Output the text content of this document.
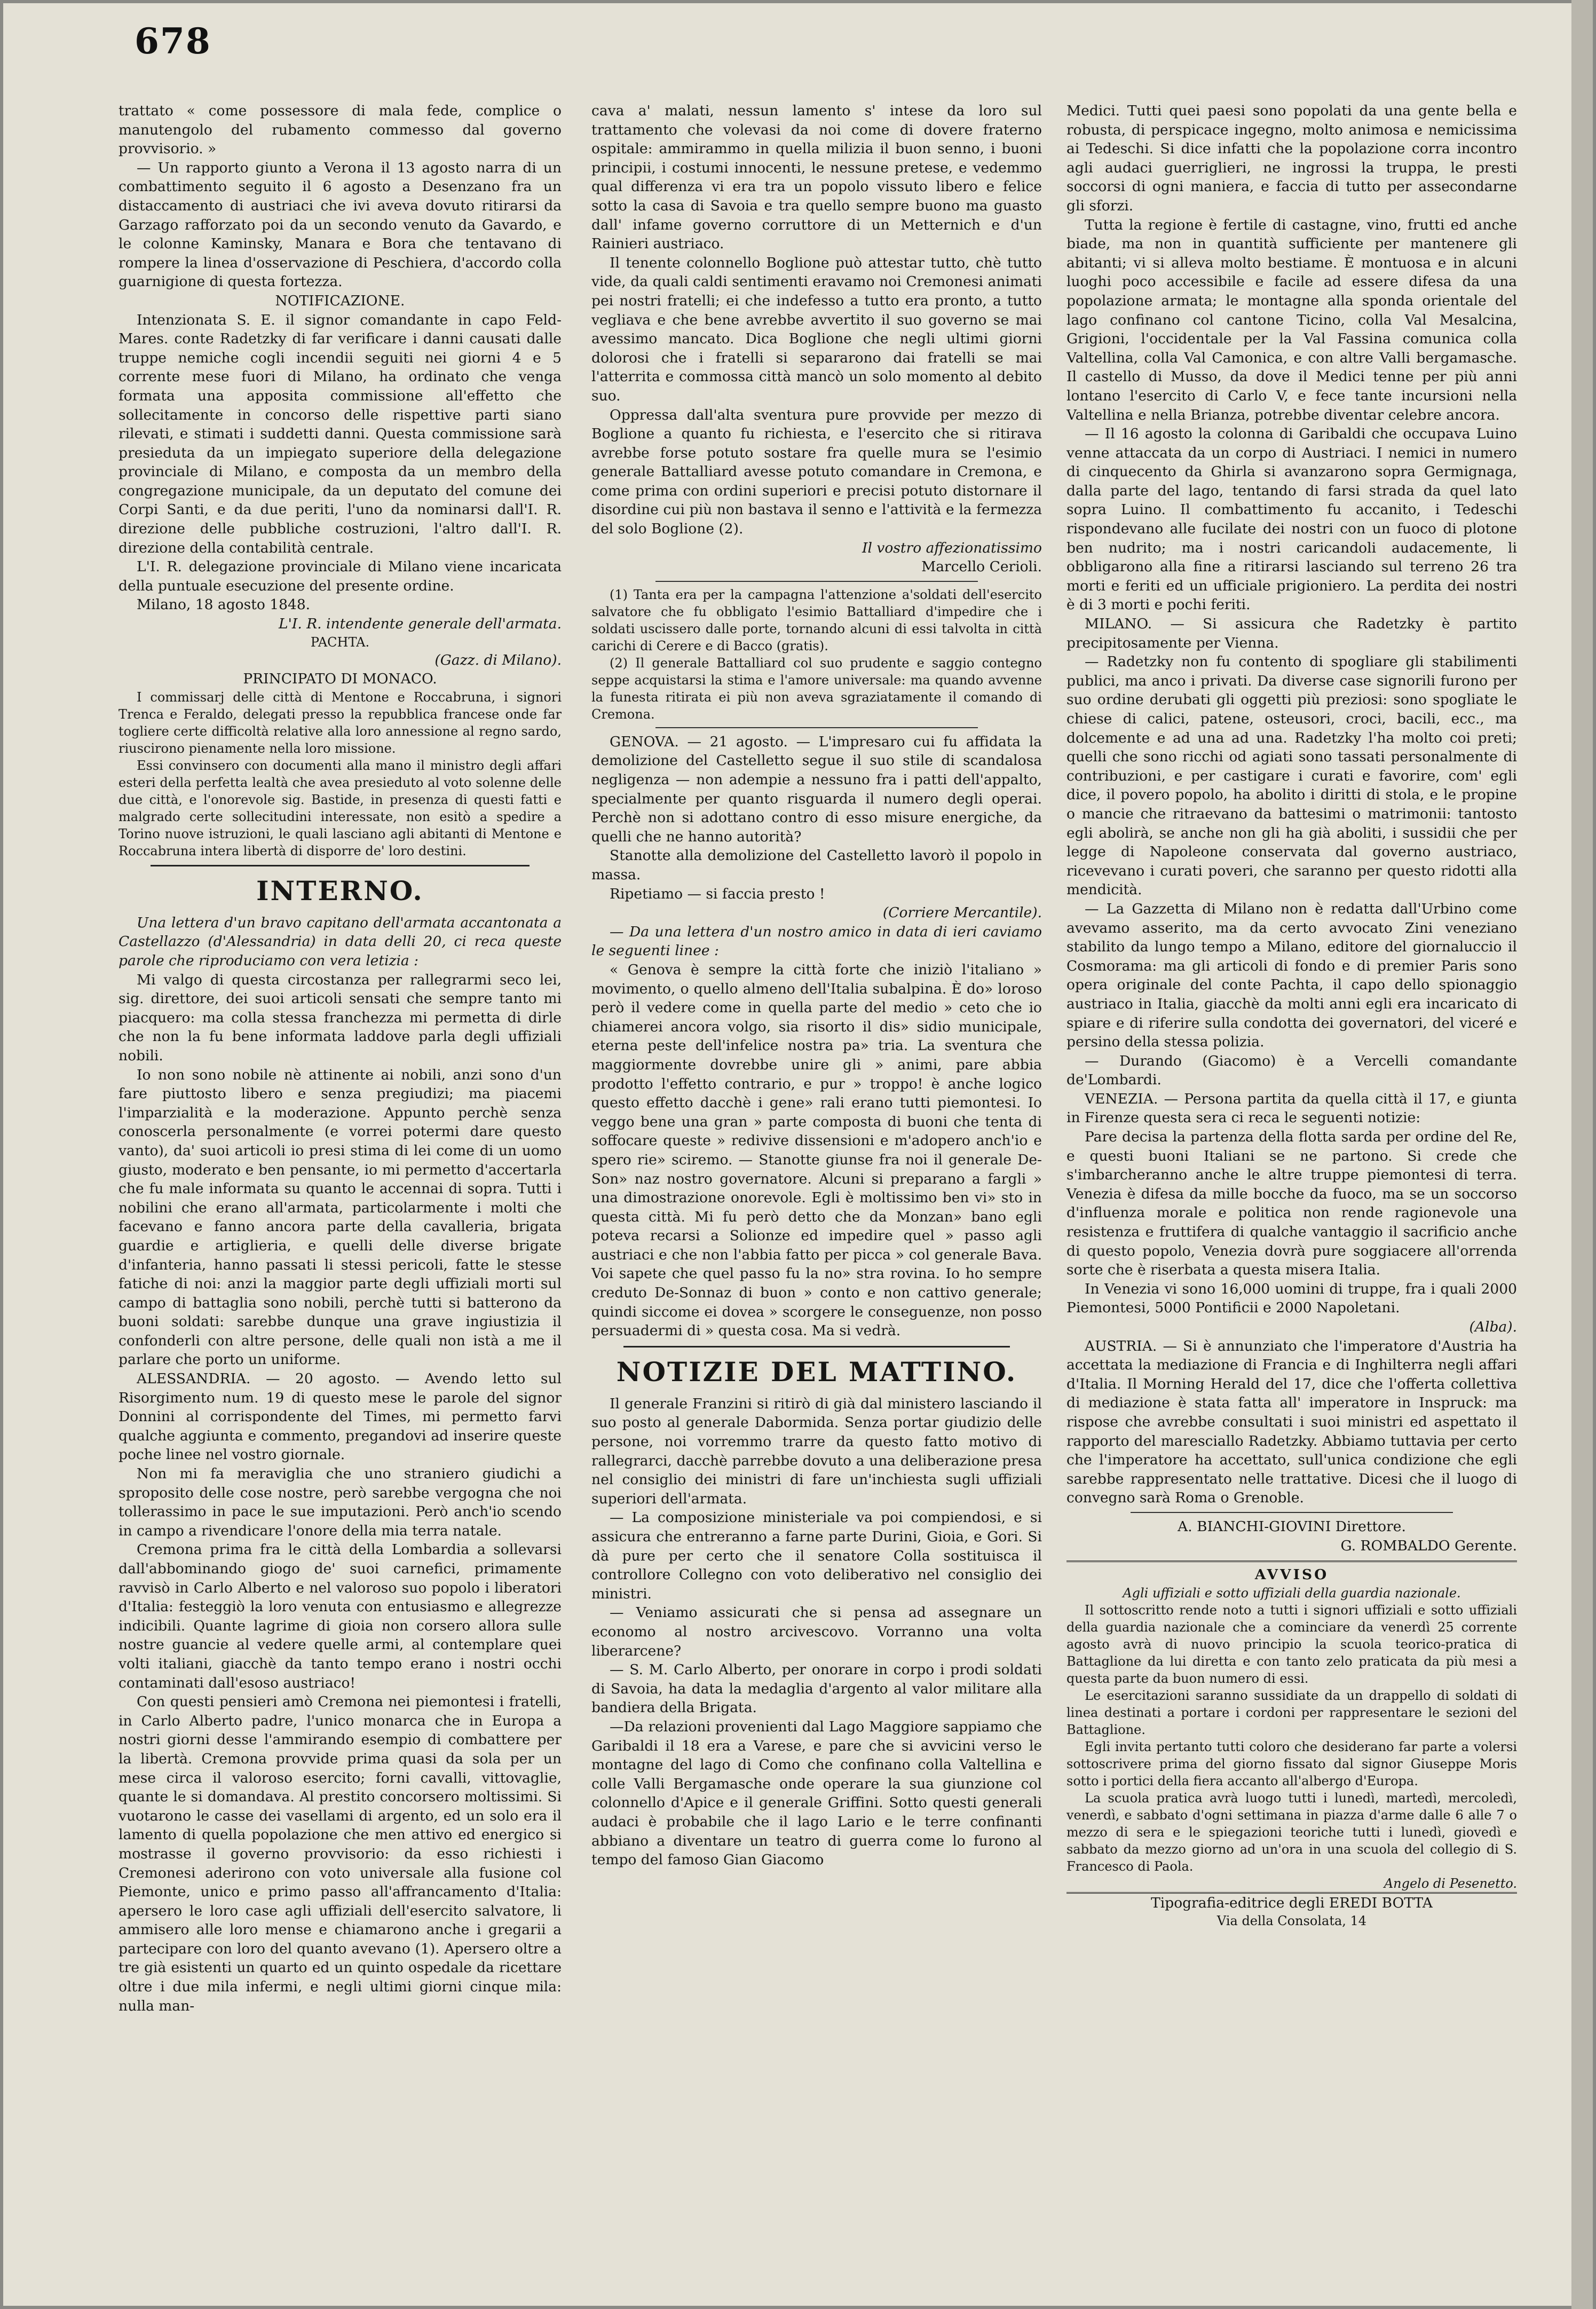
678

trattato « come possessore di mala fede, complice o manutengolo del rubamento commesso dal governo provvisorio. »

— Un rapporto giunto a Verona il 13 agosto narra di un combattimento seguito il 6 agosto a Desenzano fra un distaccamento di austriaci che ivi aveva dovuto ritirarsi da Garzago rafforzato poi da un secondo venuto da Gavardo, e le colonne Kaminsky, Manara e Bora che tentavano di rompere la linea d'osservazione di Peschiera, d'accordo colla guarnigione di questa fortezza.

NOTIFICAZIONE.

Intenzionata S. E. il signor comandante in capo Feld-Mares. conte Radetzky di far verificare i danni causati dalle truppe nemiche cogli incendii seguiti nei giorni 4 e 5 corrente mese fuori di Milano, ha ordinato che venga formata una apposita commissione all'effetto che sollecitamente in concorso delle rispettive parti siano rilevati, e stimati i suddetti danni. Questa commissione sarà presieduta da un impiegato superiore della delegazione provinciale di Milano, e composta da un membro della congregazione municipale, da un deputato del comune dei Corpi Santi, e da due periti, l'uno da nominarsi dall'I. R. direzione delle pubbliche costruzioni, l'altro dall'I. R. direzione della contabilità centrale.

L'I. R. delegazione provinciale di Milano viene incaricata della puntuale esecuzione del presente ordine.

Milano, 18 agosto 1848.

L'I. R. intendente generale dell'armata.

PACHTA.

(Gazz. di Milano).

PRINCIPATO DI MONACO.

I commissarj delle città di Mentone e Roccabruna, i signori Trenca e Feraldo, delegati presso la repubblica francese onde far togliere certe difficoltà relative alla loro annessione al regno sardo, riuscirono pienamente nella loro missione.

Essi convinsero con documenti alla mano il ministro degli affari esteri della perfetta lealtà che avea presieduto al voto solenne delle due città, e l'onorevole sig. Bastide, in presenza di questi fatti e malgrado certe sollecitudini interessate, non esitò a spedire a Torino nuove istruzioni, le quali lasciano agli abitanti di Mentone e Roccabruna intera libertà di disporre de' loro destini.

INTERNO.

Una lettera d'un bravo capitano dell'armata accantonata a Castellazzo (d'Alessandria) in data delli 20, ci reca queste parole che riproduciamo con vera letizia :

Mi valgo di questa circostanza per rallegrarmi seco lei, sig. direttore, dei suoi articoli sensati che sempre tanto mi piacquero: ma colla stessa franchezza mi permetta di dirle che non la fu bene informata laddove parla degli uffiziali nobili.

Io non sono nobile nè attinente ai nobili, anzi sono d'un fare piuttosto libero e senza pregiudizi; ma piacemi l'imparzialità e la moderazione. Appunto perchè senza conoscerla personalmente (e vorrei potermi dare questo vanto), da' suoi articoli io presi stima di lei come di un uomo giusto, moderato e ben pensante, io mi permetto d'accertarla che fu male informata su quanto le accennai di sopra. Tutti i nobilini che erano all'armata, particolarmente i molti che facevano e fanno ancora parte della cavalleria, brigata guardie e artiglieria, e quelli delle diverse brigate d'infanteria, hanno passati li stessi pericoli, fatte le stesse fatiche di noi: anzi la maggior parte degli uffiziali morti sul campo di battaglia sono nobili, perchè tutti si batterono da buoni soldati: sarebbe dunque una grave ingiustizia il confonderli con altre persone, delle quali non istà a me il parlare che porto un uniforme.

ALESSANDRIA. — 20 agosto. — Avendo letto sul Risorgimento num. 19 di questo mese le parole del signor Donnini al corrispondente del Times, mi permetto farvi qualche aggiunta e commento, pregandovi ad inserire queste poche linee nel vostro giornale.

Non mi fa meraviglia che uno straniero giudichi a sproposito delle cose nostre, però sarebbe vergogna che noi tollerassimo in pace le sue imputazioni. Però anch'io scendo in campo a rivendicare l'onore della mia terra natale.

Cremona prima fra le città della Lombardia a sollevarsi dall'abbominando giogo de' suoi carnefici, primamente ravvisò in Carlo Alberto e nel valoroso suo popolo i liberatori d'Italia: festeggiò la loro venuta con entusiasmo e allegrezze indicibili. Quante lagrime di gioia non corsero allora sulle nostre guancie al vedere quelle armi, al contemplare quei volti italiani, giacchè da tanto tempo erano i nostri occhi contaminati dall'esoso austriaco!

Con questi pensieri amò Cremona nei piemontesi i fratelli, in Carlo Alberto padre, l'unico monarca che in Europa a nostri giorni desse l'ammirando esempio di combattere per la libertà. Cremona provvide prima quasi da sola per un mese circa il valoroso esercito; forni cavalli, vittovaglie, quante le si domandava. Al prestito concorsero moltissimi. Si vuotarono le casse dei vasellami di argento, ed un solo era il lamento di quella popolazione che men attivo ed energico si mostrasse il governo provvisorio: da esso richiesti i Cremonesi aderirono con voto universale alla fusione col Piemonte, unico e primo passo all'affrancamento d'Italia: apersero le loro case agli uffiziali dell'esercito salvatore, li ammisero alle loro mense e chiamarono anche i gregarii a partecipare con loro del quanto avevano (1). Apersero oltre a tre già esistenti un quarto ed un quinto ospedale da ricettare oltre i due mila infermi, e negli ultimi giorni cinque mila: nulla man-

cava a' malati, nessun lamento s' intese da loro sul trattamento che volevasi da noi come di dovere fraterno ospitale: ammirammo in quella milizia il buon senno, i buoni principii, i costumi innocenti, le nessune pretese, e vedemmo qual differenza vi era tra un popolo vissuto libero e felice sotto la casa di Savoia e tra quello sempre buono ma guasto dall' infame governo corruttore di un Metternich e d'un Rainieri austriaco.

Il tenente colonnello Boglione può attestar tutto, chè tutto vide, da quali caldi sentimenti eravamo noi Cremonesi animati pei nostri fratelli; ei che indefesso a tutto era pronto, a tutto vegliava e che bene avrebbe avvertito il suo governo se mai avessimo mancato. Dica Boglione che negli ultimi giorni dolorosi che i fratelli si separarono dai fratelli se mai l'atterrita e commossa città mancò un solo momento al debito suo.

Oppressa dall'alta sventura pure provvide per mezzo di Boglione a quanto fu richiesta, e l'esercito che si ritirava avrebbe forse potuto sostare fra quelle mura se l'esimio generale Battalliard avesse potuto comandare in Cremona, e come prima con ordini superiori e precisi potuto distornare il disordine cui più non bastava il senno e l'attività e la fermezza del solo Boglione (2).

Il vostro affezionatissimo

Marcello Cerioli.

(1) Tanta era per la campagna l'attenzione a'soldati dell'esercito salvatore che fu obbligato l'esimio Battalliard d'impedire che i soldati uscissero dalle porte, tornando alcuni di essi talvolta in città carichi di Cerere e di Bacco (gratis).

(2) Il generale Battalliard col suo prudente e saggio contegno seppe acquistarsi la stima e l'amore universale: ma quando avvenne la funesta ritirata ei più non aveva sgraziatamente il comando di Cremona.

GENOVA. — 21 agosto. — L'impresaro cui fu affidata la demolizione del Castelletto segue il suo stile di scandalosa negligenza — non adempie a nessuno fra i patti dell'appalto, specialmente per quanto risguarda il numero degli operai. Perchè non si adottano contro di esso misure energiche, da quelli che ne hanno autorità?

Stanotte alla demolizione del Castelletto lavorò il popolo in massa.

Ripetiamo — si faccia presto !

(Corriere Mercantile).

— Da una lettera d'un nostro amico in data di ieri caviamo le seguenti linee :

« Genova è sempre la città forte che iniziò l'italiano » movimento, o quello almeno dell'Italia subalpina. È do» loroso però il vedere come in quella parte del medio » ceto che io chiamerei ancora volgo, sia risorto il dis» sidio municipale, eterna peste dell'infelice nostra pa» tria. La sventura che maggiormente dovrebbe unire gli » animi, pare abbia prodotto l'effetto contrario, e pur » troppo! è anche logico questo effetto dacchè i gene» rali erano tutti piemontesi. Io veggo bene una gran » parte composta di buoni che tenta di soffocare queste » redivive dissensioni e m'adopero anch'io e spero rie» sciremo. — Stanotte giunse fra noi il generale De-Son» naz nostro governatore. Alcuni si preparano a fargli » una dimostrazione onorevole. Egli è moltissimo ben vi» sto in questa città. Mi fu però detto che da Monzan» bano egli poteva recarsi a Solionze ed impedire quel » passo agli austriaci e che non l'abbia fatto per picca » col generale Bava. Voi sapete che quel passo fu la no» stra rovina. Io ho sempre creduto De-Sonnaz di buon » conto e non cattivo generale; quindi siccome ei dovea » scorgere le conseguenze, non posso persuadermi di » questa cosa. Ma si vedrà.

NOTIZIE DEL MATTINO.

Il generale Franzini si ritirò di già dal ministero lasciando il suo posto al generale Dabormida. Senza portar giudizio delle persone, noi vorremmo trarre da questo fatto motivo di rallegrarci, dacchè parrebbe dovuto a una deliberazione presa nel consiglio dei ministri di fare un'inchiesta sugli uffiziali superiori dell'armata.

— La composizione ministeriale va poi compiendosi, e si assicura che entreranno a farne parte Durini, Gioia, e Gori. Si dà pure per certo che il senatore Colla sostituisca il controllore Collegno con voto deliberativo nel consiglio dei ministri.

— Veniamo assicurati che si pensa ad assegnare un economo al nostro arcivescovo. Vorranno una volta liberarcene?

— S. M. Carlo Alberto, per onorare in corpo i prodi soldati di Savoia, ha data la medaglia d'argento al valor militare alla bandiera della Brigata.

—Da relazioni provenienti dal Lago Maggiore sappiamo che Garibaldi il 18 era a Varese, e pare che si avvicini verso le montagne del lago di Como che confinano colla Valtellina e colle Valli Bergamasche onde operare la sua giunzione col colonnello d'Apice e il generale Griffini. Sotto questi generali audaci è probabile che il lago Lario e le terre confinanti abbiano a diventare un teatro di guerra come lo furono al tempo del famoso Gian Giacomo

Medici. Tutti quei paesi sono popolati da una gente bella e robusta, di perspicace ingegno, molto animosa e nemicissima ai Tedeschi. Si dice infatti che la popolazione corra incontro agli audaci guerriglieri, ne ingrossi la truppa, le presti soccorsi di ogni maniera, e faccia di tutto per assecondarne gli sforzi.

Tutta la regione è fertile di castagne, vino, frutti ed anche biade, ma non in quantità sufficiente per mantenere gli abitanti; vi si alleva molto bestiame. È montuosa e in alcuni luoghi poco accessibile e facile ad essere difesa da una popolazione armata; le montagne alla sponda orientale del lago confinano col cantone Ticino, colla Val Mesalcina, Grigioni, l'occidentale per la Val Fassina comunica colla Valtellina, colla Val Camonica, e con altre Valli bergamasche. Il castello di Musso, da dove il Medici tenne per più anni lontano l'esercito di Carlo V, e fece tante incursioni nella Valtellina e nella Brianza, potrebbe diventar celebre ancora.

— Il 16 agosto la colonna di Garibaldi che occupava Luino venne attaccata da un corpo di Austriaci. I nemici in numero di cinquecento da Ghirla si avanzarono sopra Germignaga, dalla parte del lago, tentando di farsi strada da quel lato sopra Luino. Il combattimento fu accanito, i Tedeschi rispondevano alle fucilate dei nostri con un fuoco di plotone ben nudrito; ma i nostri caricandoli audacemente, li obbligarono alla fine a ritirarsi lasciando sul terreno 26 tra morti e feriti ed un ufficiale prigioniero. La perdita dei nostri è di 3 morti e pochi feriti.

MILANO. — Si assicura che Radetzky è partito precipitosamente per Vienna.

— Radetzky non fu contento di spogliare gli stabilimenti publici, ma anco i privati. Da diverse case signorili furono per suo ordine derubati gli oggetti più preziosi: sono spogliate le chiese di calici, patene, osteusori, croci, bacili, ecc., ma dolcemente e ad una ad una. Radetzky l'ha molto coi preti; quelli che sono ricchi od agiati sono tassati personalmente di contribuzioni, e per castigare i curati e favorire, com' egli dice, il povero popolo, ha abolito i diritti di stola, e le propine o mancie che ritraevano da battesimi o matrimonii: tantosto egli abolirà, se anche non gli ha già aboliti, i sussidii che per legge di Napoleone conservata dal governo austriaco, ricevevano i curati poveri, che saranno per questo ridotti alla mendicità.

— La Gazzetta di Milano non è redatta dall'Urbino come avevamo asserito, ma da certo avvocato Zini veneziano stabilito da lungo tempo a Milano, editore del giornaluccio il Cosmorama: ma gli articoli di fondo e di premier Paris sono opera originale del conte Pachta, il capo dello spionaggio austriaco in Italia, giacchè da molti anni egli era incaricato di spiare e di riferire sulla condotta dei governatori, del viceré e persino della stessa polizia.

— Durando (Giacomo) è a Vercelli comandante de'Lombardi.

VENEZIA. — Persona partita da quella città il 17, e giunta in Firenze questa sera ci reca le seguenti notizie:

Pare decisa la partenza della flotta sarda per ordine del Re, e questi buoni Italiani se ne partono. Si crede che s'imbarcheranno anche le altre truppe piemontesi di terra. Venezia è difesa da mille bocche da fuoco, ma se un soccorso d'influenza morale e politica non rende ragionevole una resistenza e fruttifera di qualche vantaggio il sacrificio anche di questo popolo, Venezia dovrà pure soggiacere all'orrenda sorte che è riserbata a questa misera Italia.

In Venezia vi sono 16,000 uomini di truppe, fra i quali 2000 Piemontesi, 5000 Pontificii e 2000 Napoletani.

(Alba).

AUSTRIA. — Si è annunziato che l'imperatore d'Austria ha accettata la mediazione di Francia e di Inghilterra negli affari d'Italia. Il Morning Herald del 17, dice che l'offerta collettiva di mediazione è stata fatta all' imperatore in Inspruck: ma rispose che avrebbe consultati i suoi ministri ed aspettato il rapporto del maresciallo Radetzky. Abbiamo tuttavia per certo che l'imperatore ha accettato, sull'unica condizione che egli sarebbe rappresentato nelle trattative. Dicesi che il luogo di convegno sarà Roma o Grenoble.

A. BIANCHI-GIOVINI Direttore.

G. ROMBALDO Gerente.

AVVISO

Agli uffiziali e sotto uffiziali della guardia nazionale.

Il sottoscritto rende noto a tutti i signori uffiziali e sotto uffiziali della guardia nazionale che a cominciare da venerdì 25 corrente agosto avrà di nuovo principio la scuola teorico-pratica di Battaglione da lui diretta e con tanto zelo praticata da più mesi a questa parte da buon numero di essi.

Le esercitazioni saranno sussidiate da un drappello di soldati di linea destinati a portare i cordoni per rappresentare le sezioni del Battaglione.

Egli invita pertanto tutti coloro che desiderano far parte a volersi sottoscrivere prima del giorno fissato dal signor Giuseppe Moris sotto i portici della fiera accanto all'albergo d'Europa.

La scuola pratica avrà luogo tutti i lunedì, martedì, mercoledì, venerdì, e sabbato d'ogni settimana in piazza d'arme dalle 6 alle 7 o mezzo di sera e le spiegazioni teoriche tutti i lunedì, giovedì e sabbato da mezzo giorno ad un'ora in una scuola del collegio di S. Francesco di Paola.

Angelo di Pesenetto.

Tipografia-editrice degli EREDI BOTTA

Via della Consolata, 14
